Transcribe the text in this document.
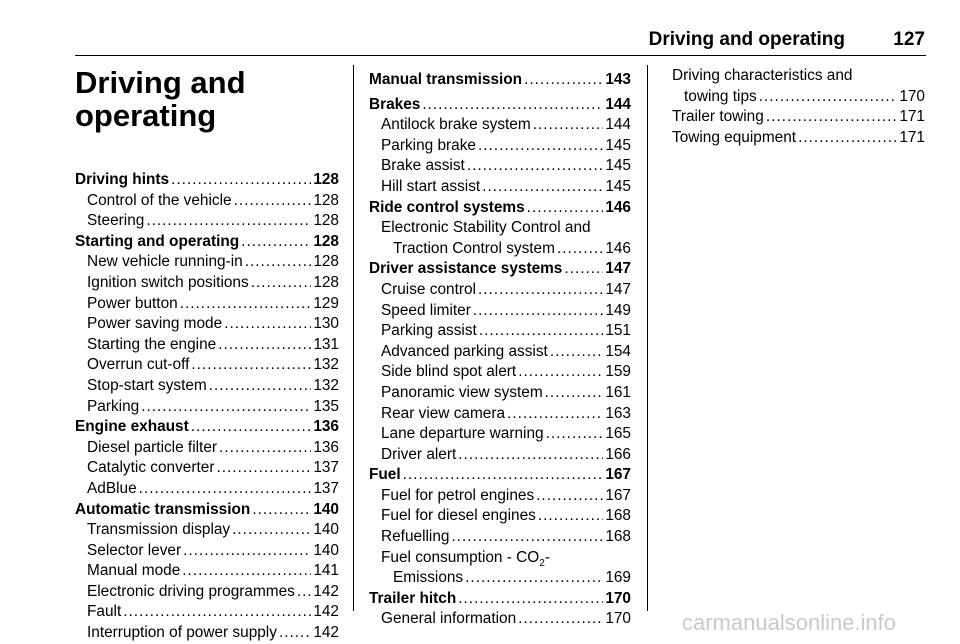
Driving and operating	127
Driving and
operating
Driving hints .....	128
Control of the vehicle .....	128
Steering .....	128
Starting and operating .....	128
New vehicle running-in .....	128
Ignition switch positions .....	128
Power button .....	129
Power saving mode .....	130
Starting the engine .....	131
Overrun cut-off .....	132
Stop-start system .....	132
Parking .....	135
Engine exhaust .....	136
Diesel particle filter .....	136
Catalytic converter .....	137
AdBlue .....	137
Automatic transmission .....	140
Transmission display .....	140
Selector lever .....	140
Manual mode .....	141
Electronic driving programmes ..... 142
Fault .....	142
Interruption of power supply ..... 142
Manual transmission .....	143
Brakes .....	144
Antilock brake system .....	144
Parking brake .....	145
Brake assist .....	145
Hill start assist .....	145
Ride control systems .....	146
Electronic Stability Control and
Traction Control system .....	146
Driver assistance systems .....	147
Cruise control .....	147
Speed limiter .....	149
Parking assist .....	151
Advanced parking assist .....	154
Side blind spot alert .....	159
Panoramic view system .....	161
Rear view camera .....	163
Lane departure warning .....	165
Driver alert .....	166
Fuel .....	167
Fuel for petrol engines .....	167
Fuel for diesel engines .....	168
Refuelling .....	168
Fuel consumption - $CO_2-$
Emissions .....	169
Trailer hitch .....	170
General information .....	170
Driving characteristics and
towing tips .....	170
Trailer towing .....	171
Towing equipment .....	171
carmanualsonline.info
